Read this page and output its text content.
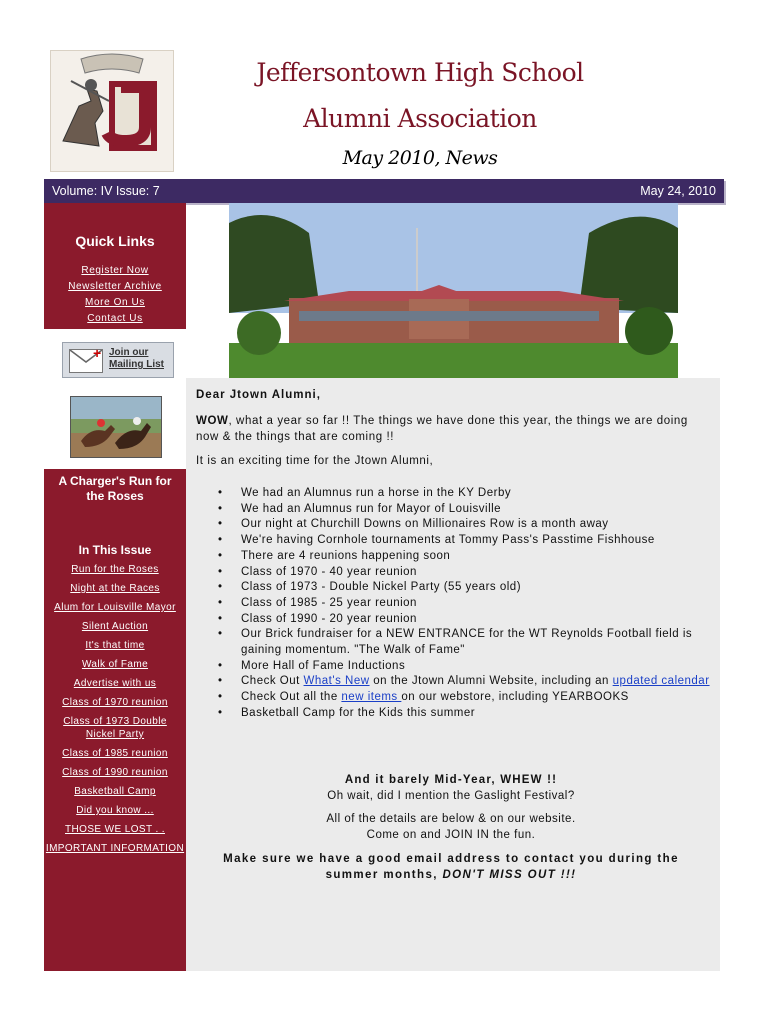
Jeffersontown High School
Alumni Association
May 2010, News
Volume: IV Issue: 7	May 24, 2010
Quick Links
Register Now
Newsletter Archive
More On Us
Contact Us
+ Join our
Mailing List
A Charger's Run for
the Roses
In This Issue
Run for the Roses
Night at the Races
Alum for Louisville Mayor
Silent Auction
It's that time
Walk of Fame
Advertise with us
Class of 1970 reunion
Class of 1973 Double
Nickel Party
Class of 1985 reunion
Class of 1990 reunion
Basketball Camp
Did you know ...
THOSE WE LOST . .
IMPORTANT INFORMATION
Dear Jtown Alumni,
WOW, what a year so far !! The things we have done this year, the things we are doing now & the things that are coming !!
It is an exciting time for the Jtown Alumni,
• We had an Alumnus run a horse in the KY Derby
• We had an Alumnus run for Mayor of Louisville
• Our night at Churchill Downs on Millionaires Row is a month away
• We're having Cornhole tournaments at Tommy Pass's Passtime Fishhouse
• There are 4 reunions happening soon
• Class of 1970 - 40 year reunion
• Class of 1973 - Double Nickel Party (55 years old)
• Class of 1985 - 25 year reunion
• Class of 1990 - 20 year reunion
• Our Brick fundraiser for a NEW ENTRANCE for the WT Reynolds Football field is gaining momentum. "The Walk of Fame"
• More Hall of Fame Inductions
• Check Out What's New on the Jtown Alumni Website, including an updated calendar
• Check Out all the new items on our webstore, including YEARBOOKS
• Basketball Camp for the Kids this summer
And it barely Mid-Year, WHEW !!
Oh wait, did I mention the Gaslight Festival?
All of the details are below & on our website.
Come on and JOIN IN the fun.
Make sure we have a good email address to contact you during the
summer months, DON'T MISS OUT !!!
